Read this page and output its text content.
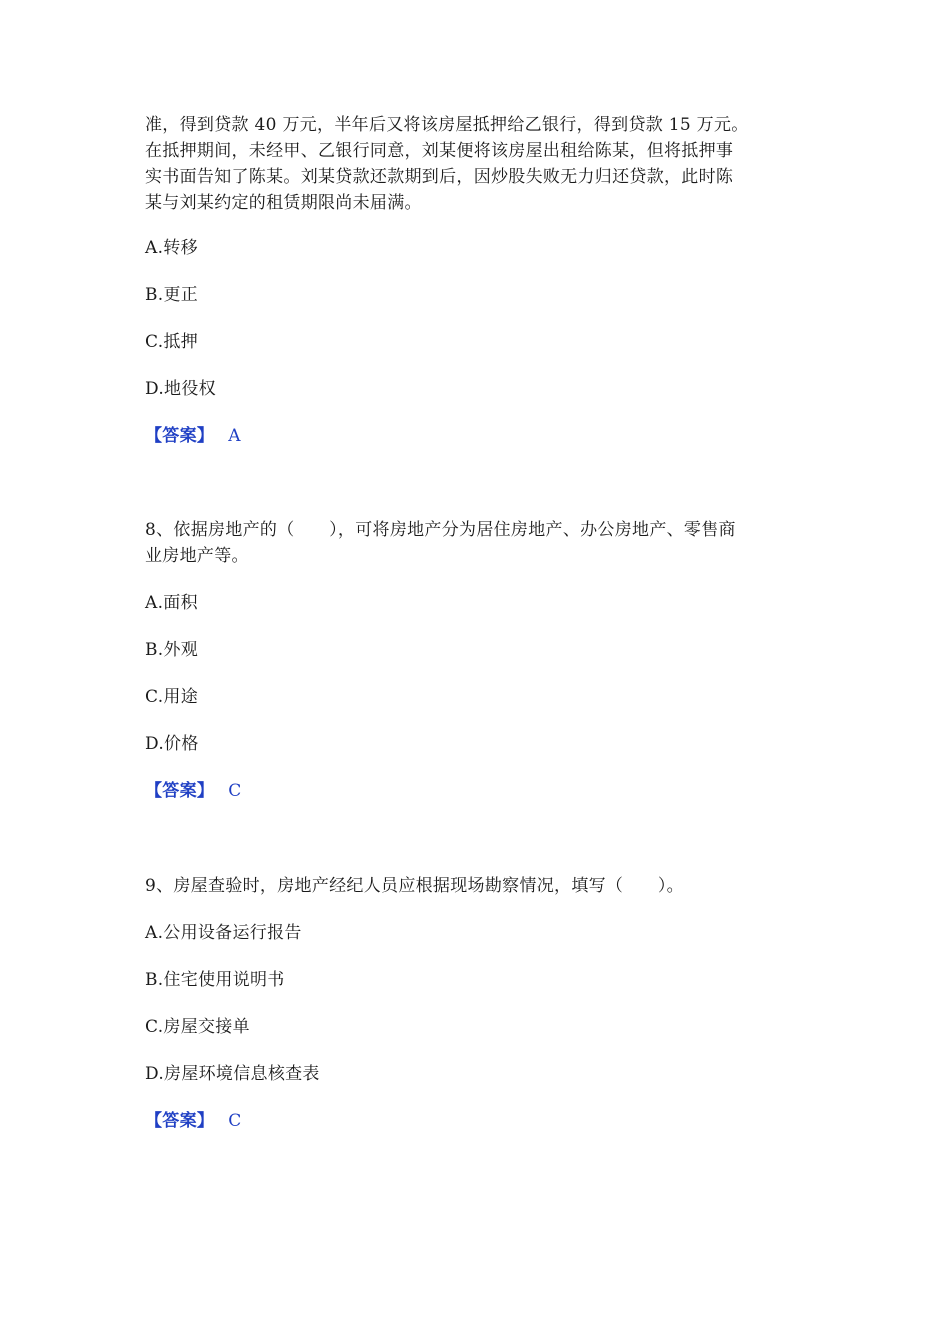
准，得到贷款 40 万元，半年后又将该房屋抵押给乙银行，得到贷款 15 万元。
在抵押期间，未经甲、乙银行同意，刘某便将该房屋出租给陈某，但将抵押事
实书面告知了陈某。刘某贷款还款期到后，因炒股失败无力归还贷款，此时陈
某与刘某约定的租赁期限尚未届满。
A.转移
B.更正
C.抵押
D.地役权
【答案】 A
8、依据房地产的（　　），可将房地产分为居住房地产、办公房地产、零售商
业房地产等。
A.面积
B.外观
C.用途
D.价格
【答案】 C
9、房屋查验时，房地产经纪人员应根据现场勘察情况，填写（　　）。
A.公用设备运行报告
B.住宅使用说明书
C.房屋交接单
D.房屋环境信息核查表
【答案】 C
